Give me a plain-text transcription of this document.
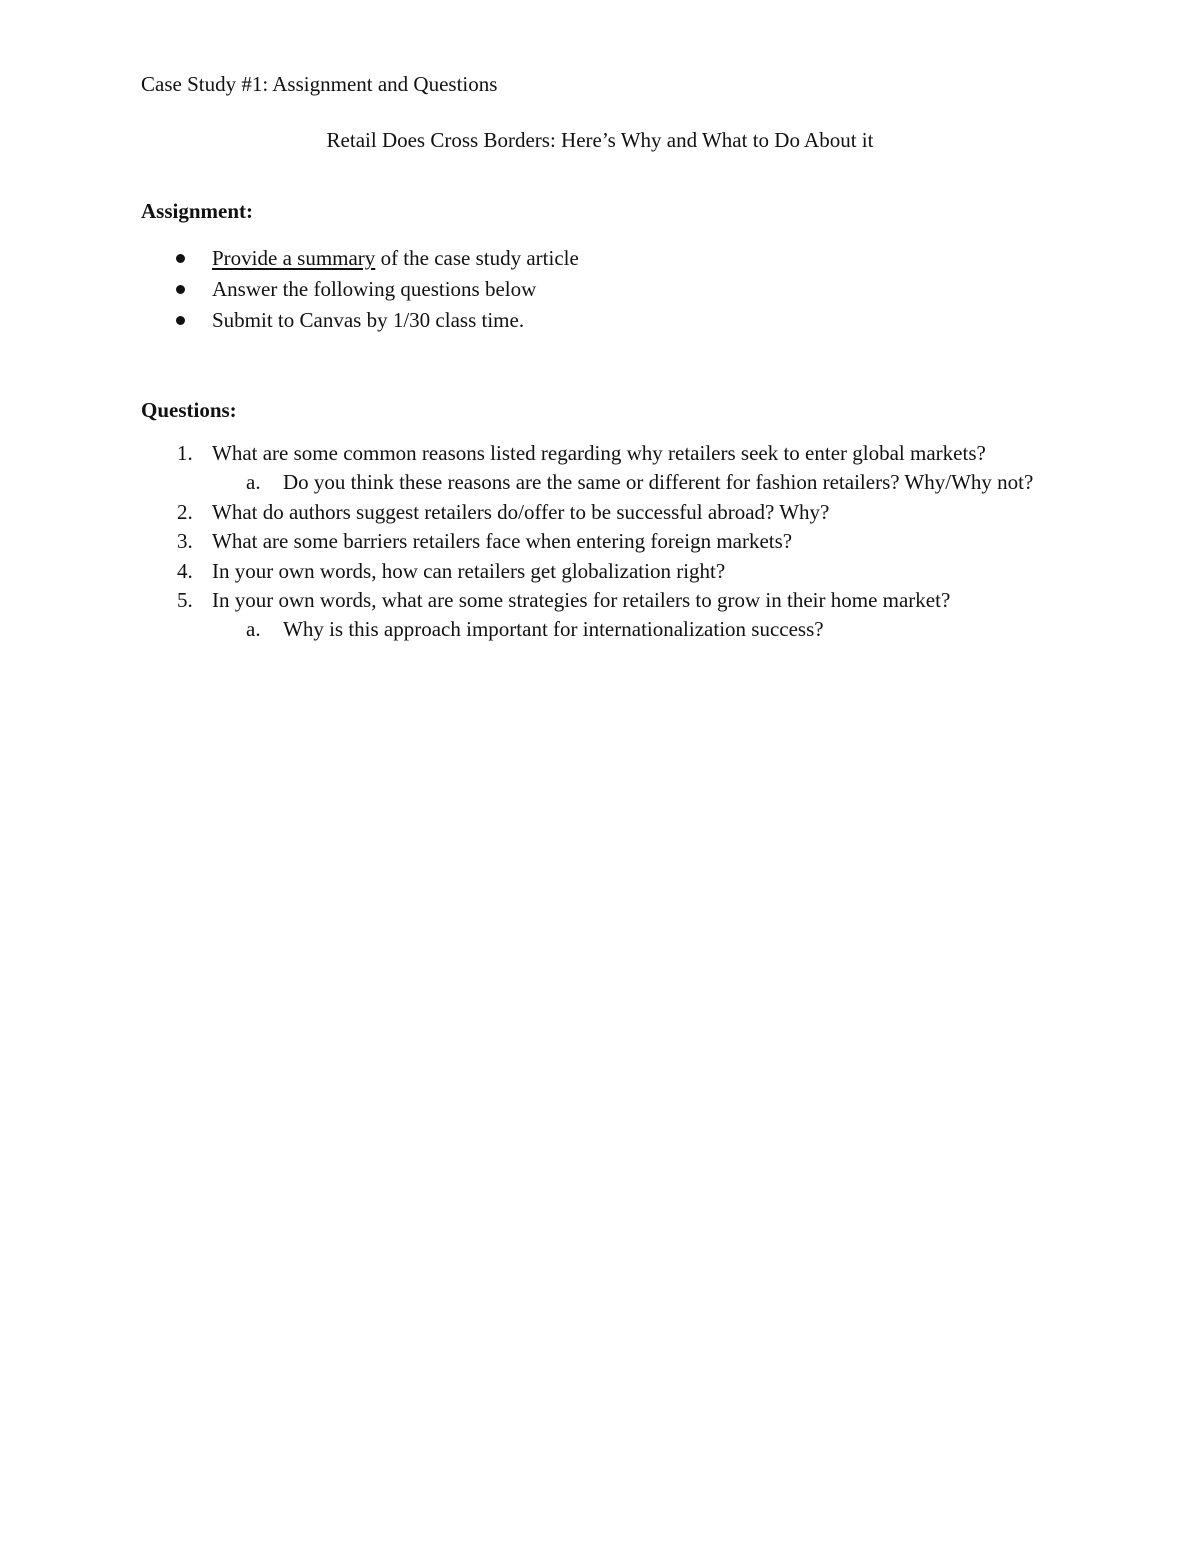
Case Study #1: Assignment and Questions
Retail Does Cross Borders: Here’s Why and What to Do About it
Assignment:
Provide a summary of the case study article
Answer the following questions below
Submit to Canvas by 1/30 class time.
Questions:
1. What are some common reasons listed regarding why retailers seek to enter global markets?
a. Do you think these reasons are the same or different for fashion retailers? Why/Why not?
2. What do authors suggest retailers do/offer to be successful abroad? Why?
3. What are some barriers retailers face when entering foreign markets?
4. In your own words, how can retailers get globalization right?
5. In your own words, what are some strategies for retailers to grow in their home market?
a. Why is this approach important for internationalization success?
